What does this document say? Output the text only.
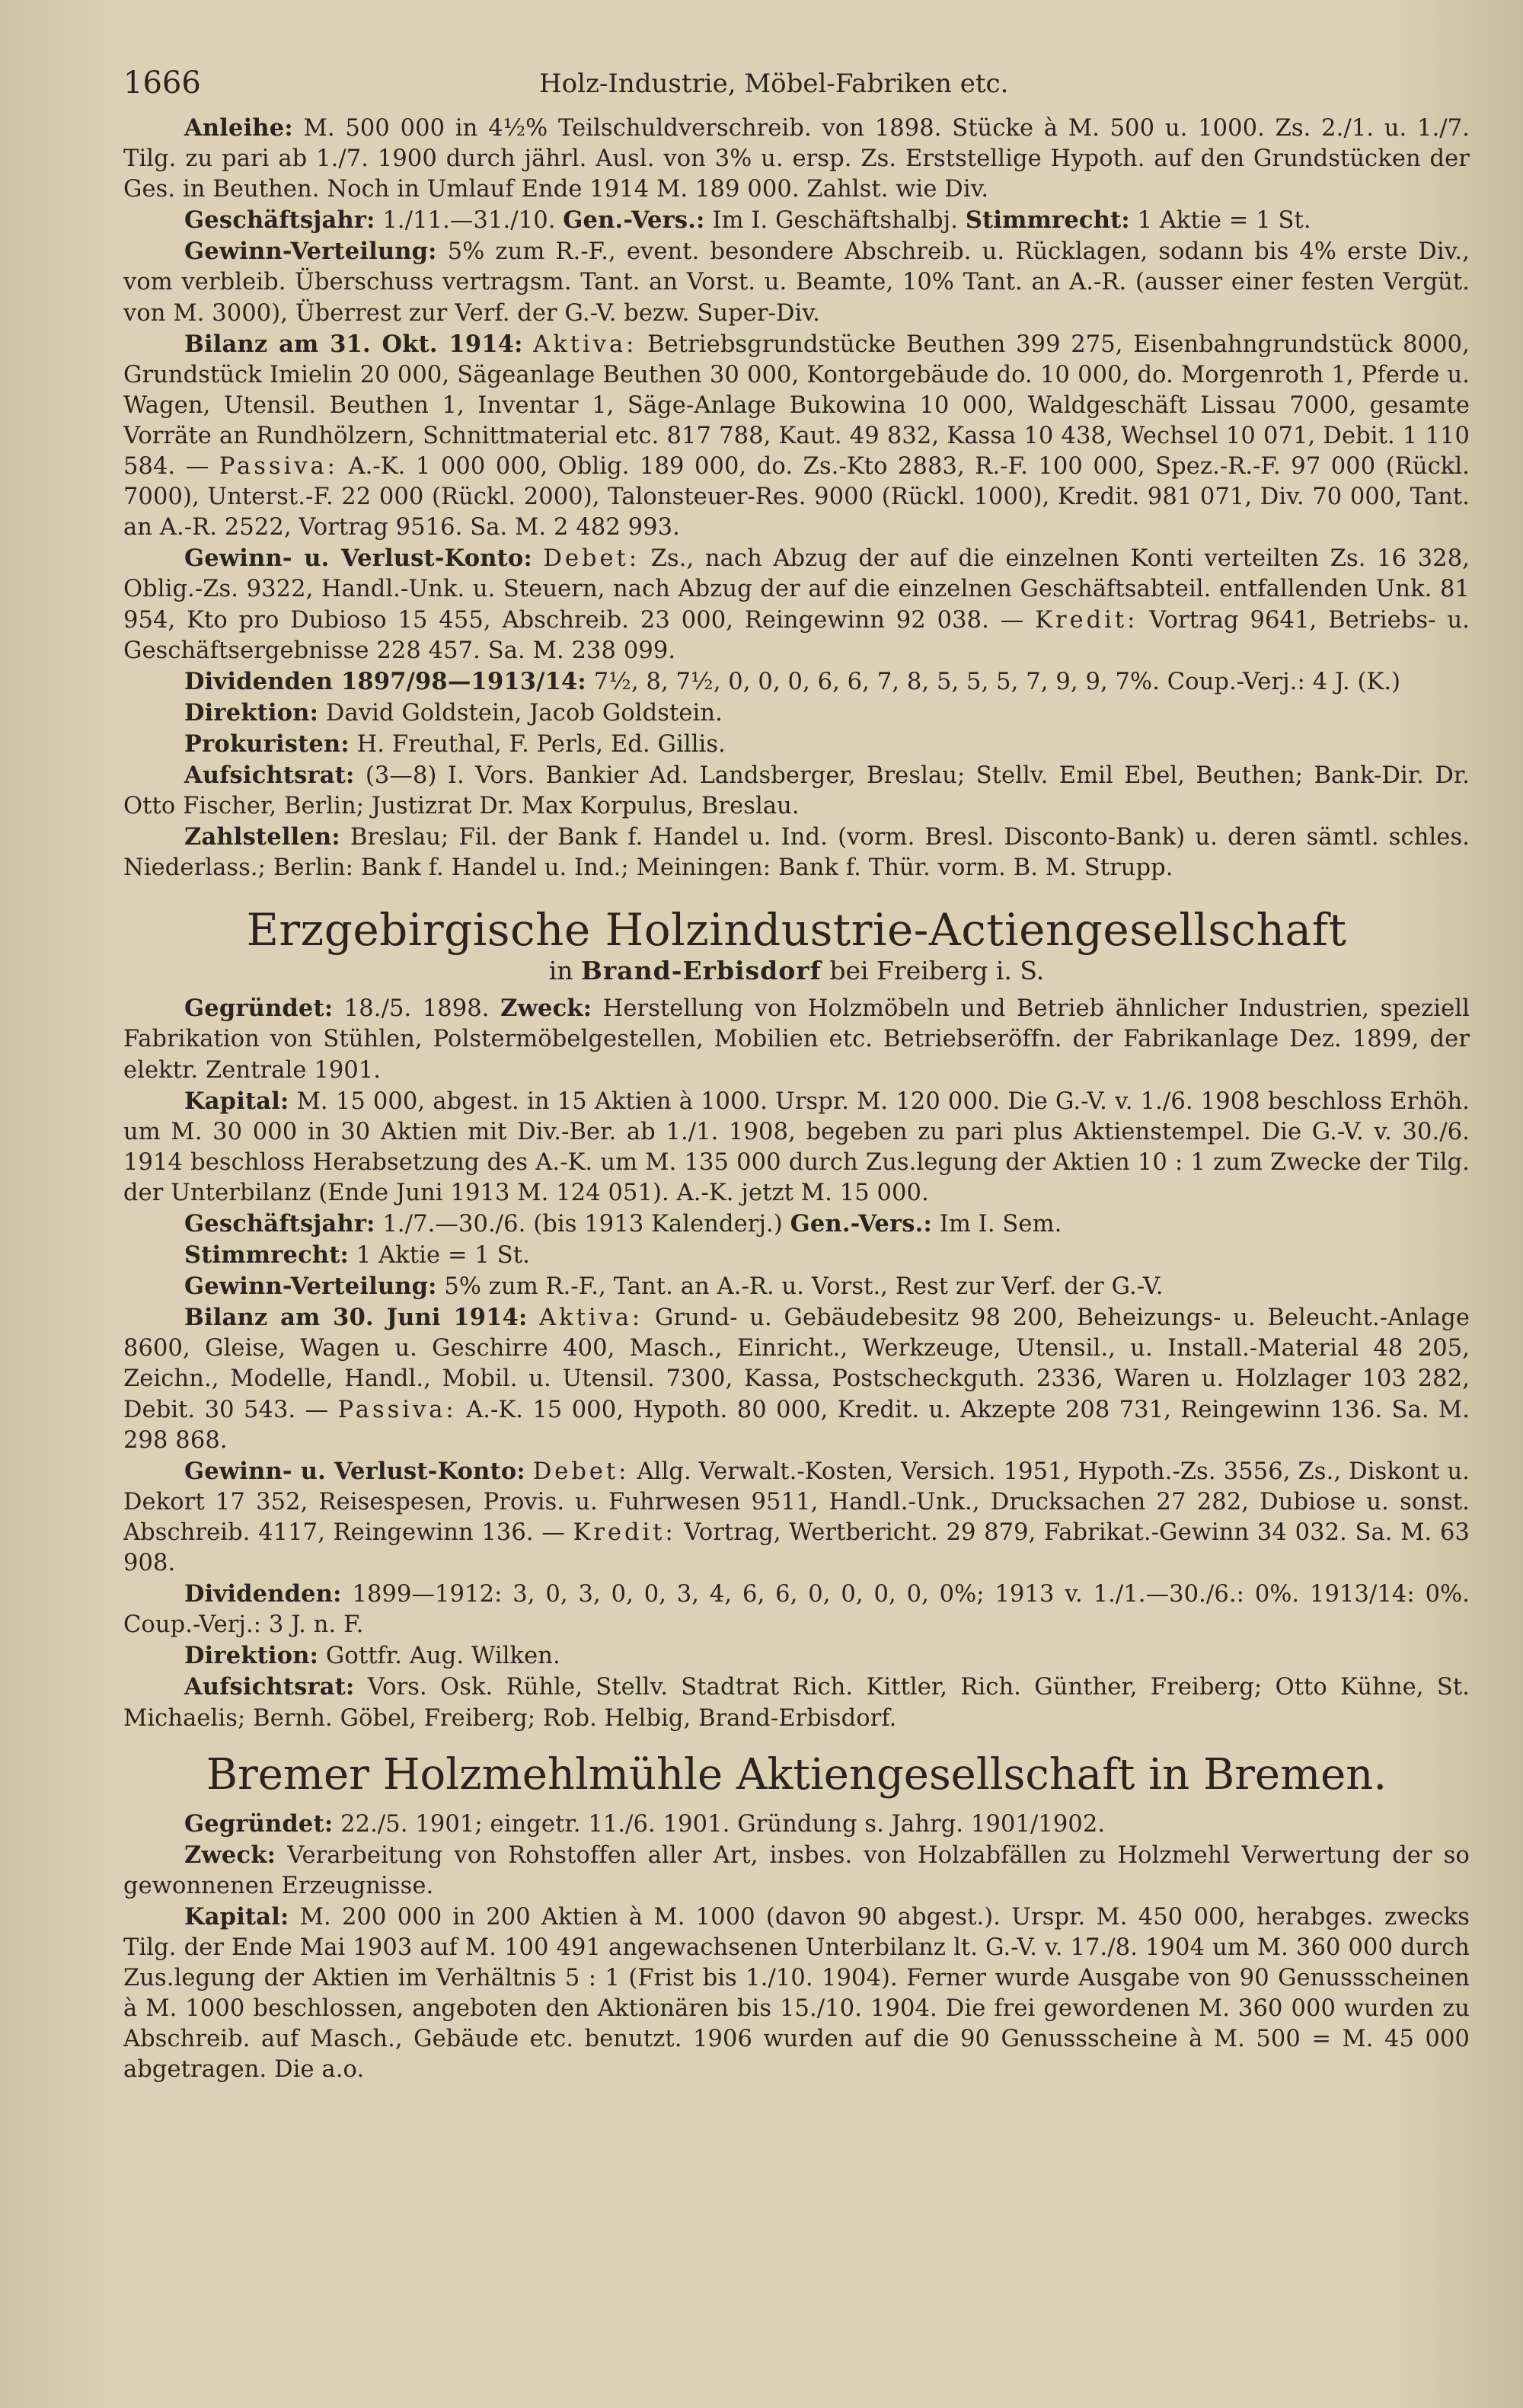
1666	Holz-Industrie, Möbel-Fabriken etc.

Anleihe: M. 500 000 in 4½% Teilschuldverschreib. von 1898. Stücke à M. 500 u. 1000. Zs. 2./1. u. 1./7. Tilg. zu pari ab 1./7. 1900 durch jährl. Ausl. von 3% u. ersp. Zs. Erststellige Hypoth. auf den Grundstücken der Ges. in Beuthen. Noch in Umlauf Ende 1914 M. 189 000. Zahlst. wie Div.

Geschäftsjahr: 1./11.—31./10. Gen.-Vers.: Im I. Geschäftshalbj. Stimmrecht: 1 Aktie = 1 St.

Gewinn-Verteilung: 5% zum R.-F., event. besondere Abschreib. u. Rücklagen, sodann bis 4% erste Div., vom verbleib. Überschuss vertragsm. Tant. an Vorst. u. Beamte, 10% Tant. an A.-R. (ausser einer festen Vergüt. von M. 3000), Überrest zur Verf. der G.-V. bezw. Super-Div.

Bilanz am 31. Okt. 1914: Aktiva: Betriebsgrundstücke Beuthen 399 275, Eisenbahngrundstück 8000, Grundstück Imielin 20 000, Sägeanlage Beuthen 30 000, Kontorgebäude do. 10 000, do. Morgenroth 1, Pferde u. Wagen, Utensil. Beuthen 1, Inventar 1, Säge-Anlage Bukowina 10 000, Waldgeschäft Lissau 7000, gesamte Vorräte an Rundhölzern, Schnittmaterial etc. 817 788, Kaut. 49 832, Kassa 10 438, Wechsel 10 071, Debit. 1 110 584. — Passiva: A.-K. 1 000 000, Oblig. 189 000, do. Zs.-Kto 2883, R.-F. 100 000, Spez.-R.-F. 97 000 (Rückl. 7000), Unterst.-F. 22 000 (Rückl. 2000), Talonsteuer-Res. 9000 (Rückl. 1000), Kredit. 981 071, Div. 70 000, Tant. an A.-R. 2522, Vortrag 9516. Sa. M. 2 482 993.

Gewinn- u. Verlust-Konto: Debet: Zs., nach Abzug der auf die einzelnen Konti verteilten Zs. 16 328, Oblig.-Zs. 9322, Handl.-Unk. u. Steuern, nach Abzug der auf die einzelnen Geschäftsabteil. entfallenden Unk. 81 954, Kto pro Dubioso 15 455, Abschreib. 23 000, Reingewinn 92 038. — Kredit: Vortrag 9641, Betriebs- u. Geschäftsergebnisse 228 457. Sa. M. 238 099.

Dividenden 1897/98—1913/14: 7½, 8, 7½, 0, 0, 0, 6, 6, 7, 8, 5, 5, 5, 7, 9, 9, 7%. Coup.-Verj.: 4 J. (K.)

Direktion: David Goldstein, Jacob Goldstein.

Prokuristen: H. Freuthal, F. Perls, Ed. Gillis.

Aufsichtsrat: (3—8) I. Vors. Bankier Ad. Landsberger, Breslau; Stellv. Emil Ebel, Beuthen; Bank-Dir. Dr. Otto Fischer, Berlin; Justizrat Dr. Max Korpulus, Breslau.

Zahlstellen: Breslau; Fil. der Bank f. Handel u. Ind. (vorm. Bresl. Disconto-Bank) u. deren sämtl. schles. Niederlass.; Berlin: Bank f. Handel u. Ind.; Meiningen: Bank f. Thür. vorm. B. M. Strupp.

Erzgebirgische Holzindustrie-Actiengesellschaft

in Brand-Erbisdorf bei Freiberg i. S.

Gegründet: 18./5. 1898. Zweck: Herstellung von Holzmöbeln und Betrieb ähnlicher Industrien, speziell Fabrikation von Stühlen, Polstermöbelgestellen, Mobilien etc. Betriebseröffn. der Fabrikanlage Dez. 1899, der elektr. Zentrale 1901.

Kapital: M. 15 000, abgest. in 15 Aktien à 1000. Urspr. M. 120 000. Die G.-V. v. 1./6. 1908 beschloss Erhöh. um M. 30 000 in 30 Aktien mit Div.-Ber. ab 1./1. 1908, begeben zu pari plus Aktienstempel. Die G.-V. v. 30./6. 1914 beschloss Herabsetzung des A.-K. um M. 135 000 durch Zus.legung der Aktien 10 : 1 zum Zwecke der Tilg. der Unterbilanz (Ende Juni 1913 M. 124 051). A.-K. jetzt M. 15 000.

Geschäftsjahr: 1./7.—30./6. (bis 1913 Kalenderj.) Gen.-Vers.: Im I. Sem.

Stimmrecht: 1 Aktie = 1 St.

Gewinn-Verteilung: 5% zum R.-F., Tant. an A.-R. u. Vorst., Rest zur Verf. der G.-V.

Bilanz am 30. Juni 1914: Aktiva: Grund- u. Gebäudebesitz 98 200, Beheizungs- u. Beleucht.-Anlage 8600, Gleise, Wagen u. Geschirre 400, Masch., Einricht., Werkzeuge, Utensil., u. Install.-Material 48 205, Zeichn., Modelle, Handl., Mobil. u. Utensil. 7300, Kassa, Postscheckguth. 2336, Waren u. Holzlager 103 282, Debit. 30 543. — Passiva: A.-K. 15 000, Hypoth. 80 000, Kredit. u. Akzepte 208 731, Reingewinn 136. Sa. M. 298 868.

Gewinn- u. Verlust-Konto: Debet: Allg. Verwalt.-Kosten, Versich. 1951, Hypoth.-Zs. 3556, Zs., Diskont u. Dekort 17 352, Reisespesen, Provis. u. Fuhrwesen 9511, Handl.-Unk., Drucksachen 27 282, Dubiose u. sonst. Abschreib. 4117, Reingewinn 136. — Kredit: Vortrag, Wertbericht. 29 879, Fabrikat.-Gewinn 34 032. Sa. M. 63 908.

Dividenden: 1899—1912: 3, 0, 3, 0, 0, 3, 4, 6, 6, 0, 0, 0, 0, 0%; 1913 v. 1./1.—30./6.: 0%. 1913/14: 0%. Coup.-Verj.: 3 J. n. F.

Direktion: Gottfr. Aug. Wilken.

Aufsichtsrat: Vors. Osk. Rühle, Stellv. Stadtrat Rich. Kittler, Rich. Günther, Freiberg; Otto Kühne, St. Michaelis; Bernh. Göbel, Freiberg; Rob. Helbig, Brand-Erbisdorf.

Bremer Holzmehlmühle Aktiengesellschaft in Bremen.

Gegründet: 22./5. 1901; eingetr. 11./6. 1901. Gründung s. Jahrg. 1901/1902.

Zweck: Verarbeitung von Rohstoffen aller Art, insbes. von Holzabfällen zu Holzmehl Verwertung der so gewonnenen Erzeugnisse.

Kapital: M. 200 000 in 200 Aktien à M. 1000 (davon 90 abgest.). Urspr. M. 450 000, herabges. zwecks Tilg. der Ende Mai 1903 auf M. 100 491 angewachsenen Unterbilanz lt. G.-V. v. 17./8. 1904 um M. 360 000 durch Zus.legung der Aktien im Verhältnis 5 : 1 (Frist bis 1./10. 1904). Ferner wurde Ausgabe von 90 Genussscheinen à M. 1000 beschlossen, angeboten den Aktionären bis 15./10. 1904. Die frei gewordenen M. 360 000 wurden zu Abschreib. auf Masch., Gebäude etc. benutzt. 1906 wurden auf die 90 Genussscheine à M. 500 = M. 45 000 abgetragen. Die a.o.
